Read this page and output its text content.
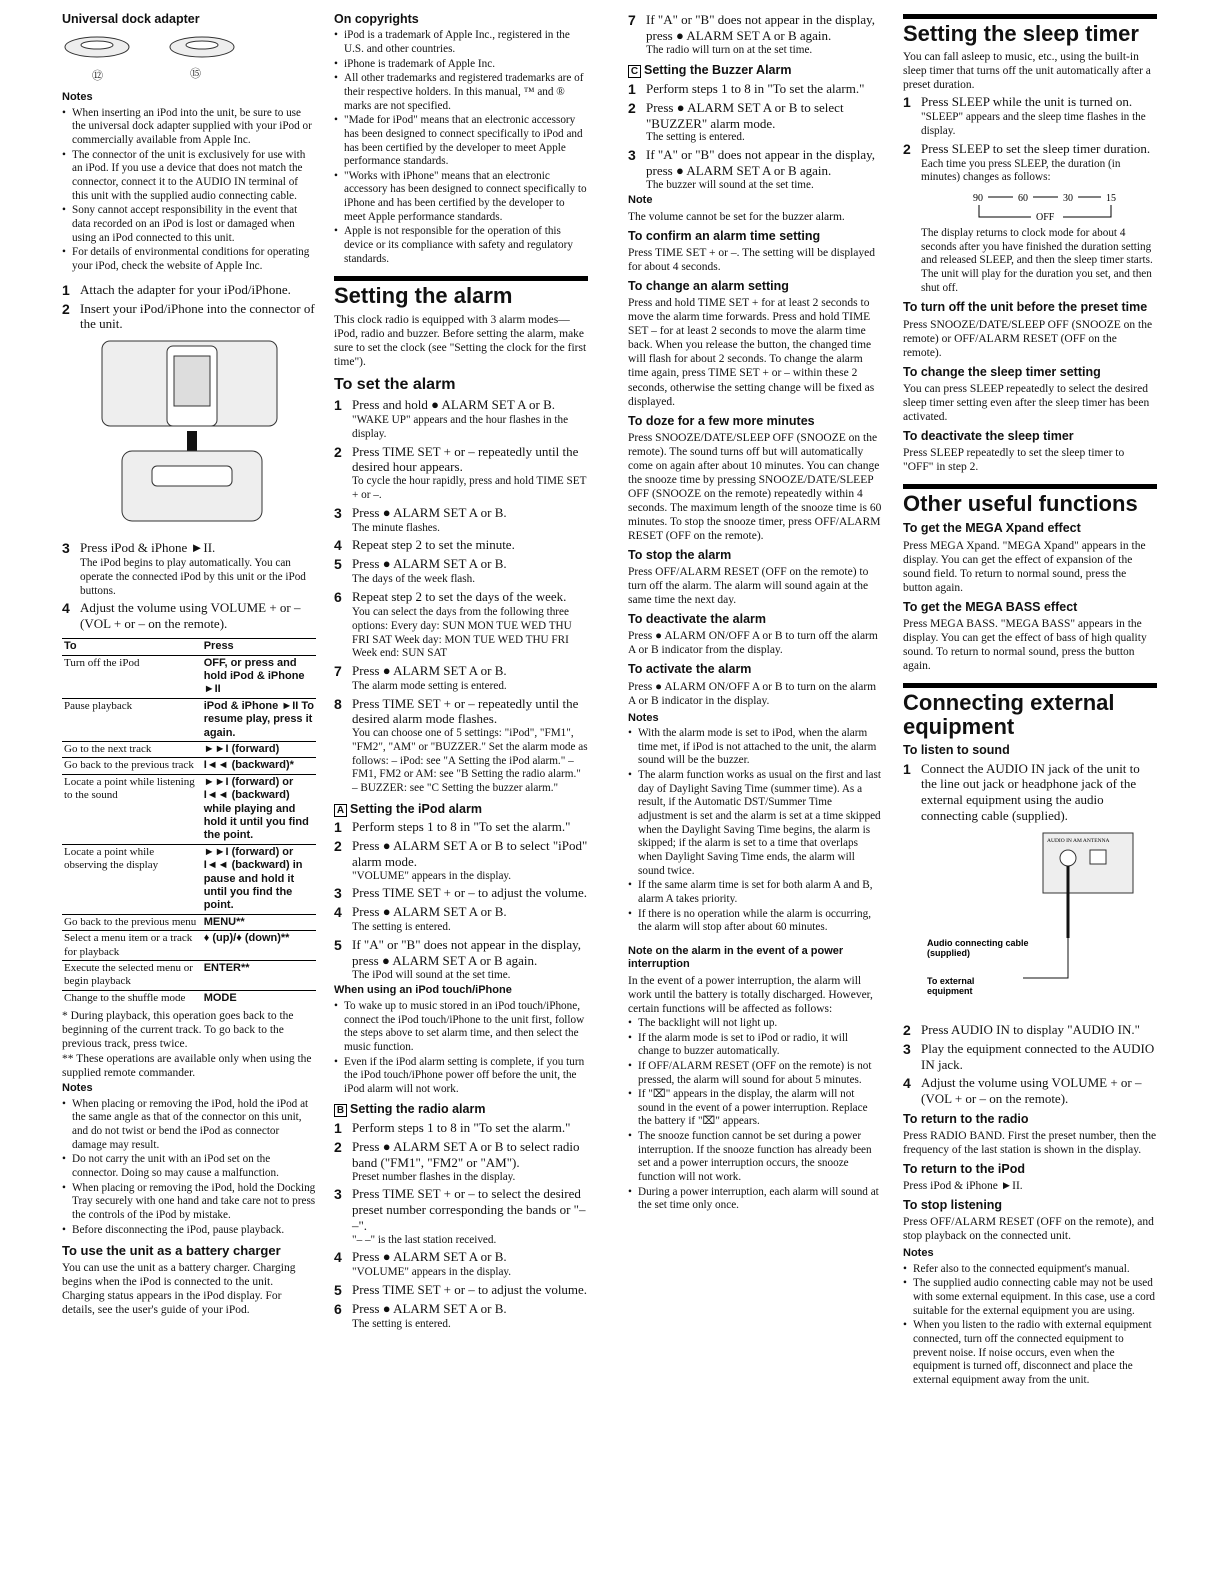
Universal dock adapter
⑫	⑮
Notes
• When inserting an iPod into the unit, be sure to use the universal dock adapter supplied with your iPod or commercially available from Apple Inc.
• The connector of the unit is exclusively for use with an iPod. If you use a device that does not match the connector, connect it to the AUDIO IN terminal of this unit with the supplied audio connecting cable.
• Sony cannot accept responsibility in the event that data recorded on an iPod is lost or damaged when using an iPod connected to this unit.
• For details of environmental conditions for operating your iPod, check the website of Apple Inc.
1 Attach the adapter for your iPod/iPhone.
2 Insert your iPod/iPhone into the connector of the unit.
3 Press iPod & iPhone ►II.
The iPod begins to play automatically. You can operate the connected iPod by this unit or the iPod buttons.
4 Adjust the volume using VOLUME + or – (VOL + or – on the remote).
To	Press
Turn off the iPod	OFF, or press and hold iPod & iPhone ►II
Pause playback	iPod & iPhone ►II To resume play, press it again.
Go to the next track	►►I (forward)
Go back to the previous track	I◄◄ (backward)*
Locate a point while listening to the sound	►►I (forward) or I◄◄ (backward) while playing and hold it until you find the point.
Locate a point while observing the display	►►I (forward) or I◄◄ (backward) in pause and hold it until you find the point.
Go back to the previous menu	MENU**
Select a menu item or a track for playback	♦ (up)/♦ (down)**
Execute the selected menu or begin playback	ENTER**
Change to the shuffle mode	MODE
* During playback, this operation goes back to the beginning of the current track. To go back to the previous track, press twice.
** These operations are available only when using the supplied remote commander.
Notes
• When placing or removing the iPod, hold the iPod at the same angle as that of the connector on this unit, and do not twist or bend the iPod as connector damage may result.
• Do not carry the unit with an iPod set on the connector. Doing so may cause a malfunction.
• When placing or removing the iPod, hold the Docking Tray securely with one hand and take care not to press the controls of the iPod by mistake.
• Before disconnecting the iPod, pause playback.
To use the unit as a battery charger
You can use the unit as a battery charger. Charging begins when the iPod is connected to the unit. Charging status appears in the iPod display. For details, see the user's guide of your iPod.
On copyrights
• iPod is a trademark of Apple Inc., registered in the U.S. and other countries.
• iPhone is trademark of Apple Inc.
• All other trademarks and registered trademarks are of their respective holders. In this manual, ™ and ® marks are not specified.
• "Made for iPod" means that an electronic accessory has been designed to connect specifically to iPod and has been certified by the developer to meet Apple performance standards.
• "Works with iPhone" means that an electronic accessory has been designed to connect specifically to iPhone and has been certified by the developer to meet Apple performance standards.
• Apple is not responsible for the operation of this device or its compliance with safety and regulatory standards.
Setting the alarm
This clock radio is equipped with 3 alarm modes—iPod, radio and buzzer. Before setting the alarm, make sure to set the clock (see "Setting the clock for the first time").
To set the alarm
1 Press and hold ● ALARM SET A or B.
"WAKE UP" appears and the hour flashes in the display.
2 Press TIME SET + or – repeatedly until the desired hour appears.
To cycle the hour rapidly, press and hold TIME SET + or –.
3 Press ● ALARM SET A or B.
The minute flashes.
4 Repeat step 2 to set the minute.
5 Press ● ALARM SET A or B.
The days of the week flash.
6 Repeat step 2 to set the days of the week.
You can select the days from the following three options: Every day: SUN MON TUE WED THU FRI SAT Week day: MON TUE WED THU FRI Week end: SUN SAT
7 Press ● ALARM SET A or B.
The alarm mode setting is entered.
8 Press TIME SET + or – repeatedly until the desired alarm mode flashes.
You can choose one of 5 settings: "iPod", "FM1", "FM2", "AM" or "BUZZER." Set the alarm mode as follows: – iPod: see "A Setting the iPod alarm." – FM1, FM2 or AM: see "B Setting the radio alarm." – BUZZER: see "C Setting the buzzer alarm."
A Setting the iPod alarm
1 Perform steps 1 to 8 in "To set the alarm."
2 Press ● ALARM SET A or B to select "iPod" alarm mode.
"VOLUME" appears in the display.
3 Press TIME SET + or – to adjust the volume.
4 Press ● ALARM SET A or B.
The setting is entered.
5 If "A" or "B" does not appear in the display, press ● ALARM SET A or B again.
The iPod will sound at the set time.
When using an iPod touch/iPhone
• To wake up to music stored in an iPod touch/iPhone, connect the iPod touch/iPhone to the unit first, follow the steps above to set alarm time, and then select the music function.
• Even if the iPod alarm setting is complete, if you turn the iPod touch/iPhone power off before the unit, the iPod alarm will not work.
B Setting the radio alarm
1 Perform steps 1 to 8 in "To set the alarm."
2 Press ● ALARM SET A or B to select radio band ("FM1", "FM2" or "AM").
Preset number flashes in the display.
3 Press TIME SET + or – to select the desired preset number corresponding the bands or "– –".
"– –" is the last station received.
4 Press ● ALARM SET A or B.
"VOLUME" appears in the display.
5 Press TIME SET + or – to adjust the volume.
6 Press ● ALARM SET A or B.
The setting is entered.
7 If "A" or "B" does not appear in the display, press ● ALARM SET A or B again.
The radio will turn on at the set time.
C Setting the Buzzer Alarm
1 Perform steps 1 to 8 in "To set the alarm."
2 Press ● ALARM SET A or B to select "BUZZER" alarm mode.
The setting is entered.
3 If "A" or "B" does not appear in the display, press ● ALARM SET A or B again.
The buzzer will sound at the set time.
Note
The volume cannot be set for the buzzer alarm.
To confirm an alarm time setting
Press TIME SET + or –. The setting will be displayed for about 4 seconds.
To change an alarm setting
Press and hold TIME SET + for at least 2 seconds to move the alarm time forwards. Press and hold TIME SET – for at least 2 seconds to move the alarm time back. When you release the button, the changed time will flash for about 2 seconds. To change the alarm time again, press TIME SET + or – within these 2 seconds, otherwise the setting change will be fixed as displayed.
To doze for a few more minutes
Press SNOOZE/DATE/SLEEP OFF (SNOOZE on the remote). The sound turns off but will automatically come on again after about 10 minutes. You can change the snooze time by pressing SNOOZE/DATE/SLEEP OFF (SNOOZE on the remote) repeatedly within 4 seconds. The maximum length of the snooze time is 60 minutes. To stop the snooze timer, press OFF/ALARM RESET (OFF on the remote).
To stop the alarm
Press OFF/ALARM RESET (OFF on the remote) to turn off the alarm. The alarm will sound again at the same time the next day.
To deactivate the alarm
Press ● ALARM ON/OFF A or B to turn off the alarm A or B indicator from the display.
To activate the alarm
Press ● ALARM ON/OFF A or B to turn on the alarm A or B indicator in the display.
Notes
• With the alarm mode is set to iPod, when the alarm time met, if iPod is not attached to the unit, the alarm sound will be the buzzer.
• The alarm function works as usual on the first and last day of Daylight Saving Time (summer time). As a result, if the Automatic DST/Summer Time adjustment is set and the alarm is set at a time skipped when the Daylight Saving Time begins, the alarm is skipped; if the alarm is set to a time that overlaps when Daylight Saving Time ends, the alarm will sound twice.
• If the same alarm time is set for both alarm A and B, alarm A takes priority.
• If there is no operation while the alarm is occurring, the alarm will stop after about 60 minutes.
Note on the alarm in the event of a power interruption
In the event of a power interruption, the alarm will work until the battery is totally discharged. However, certain functions will be affected as follows:
• The backlight will not light up.
• If the alarm mode is set to iPod or radio, it will change to buzzer automatically.
• If OFF/ALARM RESET (OFF on the remote) is not pressed, the alarm will sound for about 5 minutes.
• If "⌧" appears in the display, the alarm will not sound in the event of a power interruption. Replace the battery if "⌧" appears.
• The snooze function cannot be set during a power interruption. If the snooze function has already been set and a power interruption occurs, the snooze function will not work.
• During a power interruption, each alarm will sound at the set time only once.
Setting the sleep timer
You can fall asleep to music, etc., using the built-in sleep timer that turns off the unit automatically after a preset duration.
1 Press SLEEP while the unit is turned on.
"SLEEP" appears and the sleep time flashes in the display.
2 Press SLEEP to set the sleep timer duration.
Each time you press SLEEP, the duration (in minutes) changes as follows:
90	60	30	15
OFF
The display returns to clock mode for about 4 seconds after you have finished the duration setting and released SLEEP, and then the sleep timer starts. The unit will play for the duration you set, and then shut off.
To turn off the unit before the preset time
Press SNOOZE/DATE/SLEEP OFF (SNOOZE on the remote) or OFF/ALARM RESET (OFF on the remote).
To change the sleep timer setting
You can press SLEEP repeatedly to select the desired sleep timer setting even after the sleep timer has been activated.
To deactivate the sleep timer
Press SLEEP repeatedly to set the sleep timer to "OFF" in step 2.
Other useful functions
To get the MEGA Xpand effect
Press MEGA Xpand. "MEGA Xpand" appears in the display. You can get the effect of expansion of the sound field. To return to normal sound, press the button again.
To get the MEGA BASS effect
Press MEGA BASS. "MEGA BASS" appears in the display. You can get the effect of bass of high quality sound. To return to normal sound, press the button again.
Connecting external equipment
To listen to sound
1 Connect the AUDIO IN jack of the unit to the line out jack or headphone jack of the external equipment using the audio connecting cable (supplied).
AUDIO IN AM ANTENNA
Audio connecting cable
(supplied)
To external
equipment
2 Press AUDIO IN to display "AUDIO IN."
3 Play the equipment connected to the AUDIO IN jack.
4 Adjust the volume using VOLUME + or – (VOL + or – on the remote).
To return to the radio
Press RADIO BAND. First the preset number, then the frequency of the last station is shown in the display.
To return to the iPod
Press iPod & iPhone ►II.
To stop listening
Press OFF/ALARM RESET (OFF on the remote), and stop playback on the connected unit.
Notes
• Refer also to the connected equipment's manual.
• The supplied audio connecting cable may not be used with some external equipment. In this case, use a cord suitable for the external equipment you are using.
• When you listen to the radio with external equipment connected, turn off the connected equipment to prevent noise. If noise occurs, even when the equipment is turned off, disconnect and place the external equipment away from the unit.
